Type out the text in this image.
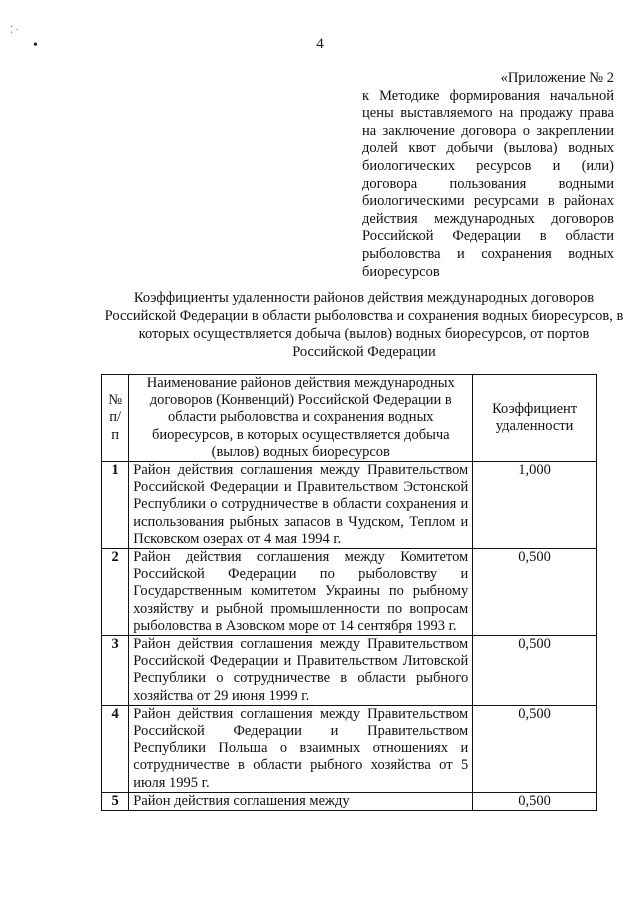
4
⁚ ·
•
«Приложение № 2
к Методике формирования начальной
цены выставляемого на продажу права
на заключение договора о закреплении
долей квот добычи (вылова) водных
биологических ресурсов и (или)
договора пользования водными
биологическими ресурсами в районах
действия международных договоров
Российской Федерации в области
рыболовства и сохранения водных
биоресурсов
Коэффициенты удаленности районов действия международных договоров Российской Федерации в области рыболовства и сохранения водных биоресурсов, в которых осуществляется добыча (вылов) водных биоресурсов, от портов Российской Федерации
№ п/п	Наименование районов действия международных договоров (Конвенций) Российской Федерации в области рыболовства и сохранения водных биоресурсов, в которых осуществляется добыча (вылов) водных биоресурсов	Коэффициент удаленности
1	Район действия соглашения между Правительством Российской Федерации и Правительством Эстонской Республики о сотрудничестве в области сохранения и использования рыбных запасов в Чудском, Теплом и Псковском озерах от 4 мая 1994 г.	1,000
2	Район действия соглашения между Комитетом Российской Федерации по рыболовству и Государственным комитетом Украины по рыбному хозяйству и рыбной промышленности по вопросам рыболовства в Азовском море от 14 сентября 1993 г.	0,500
3	Район действия соглашения между Правительством Российской Федерации и Правительством Литовской Республики о сотрудничестве в области рыбного хозяйства от 29 июня 1999 г.	0,500
4	Район действия соглашения между Правительством Российской Федерации и Правительством Республики Польша о взаимных отношениях и сотрудничестве в области рыбного хозяйства от 5 июля 1995 г.	0,500
5	Район действия соглашения между	0,500
